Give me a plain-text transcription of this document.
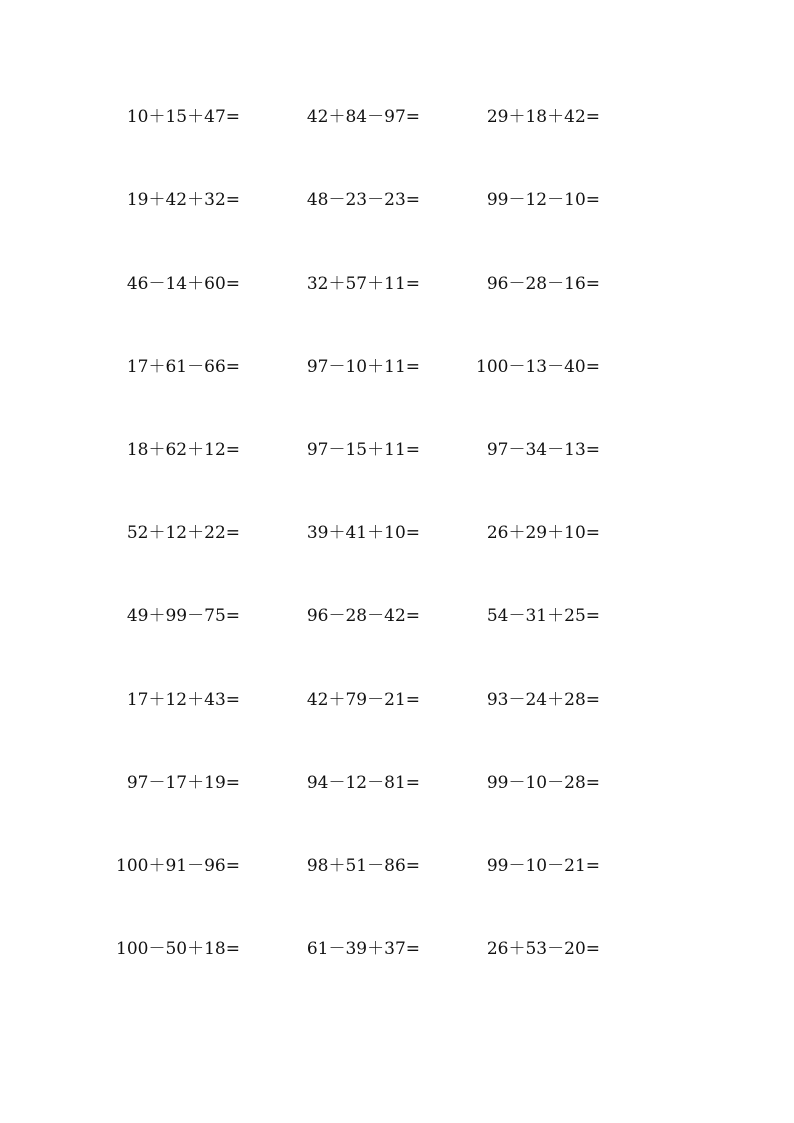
10＋15＋47=	42＋84－97=	29＋18＋42=
19＋42＋32=	48－23－23=	99－12－10=
46－14＋60=	32＋57＋11=	96－28－16=
17＋61－66=	97－10＋11=	100－13－40=
18＋62＋12=	97－15＋11=	97－34－13=
52＋12＋22=	39＋41＋10=	26＋29＋10=
49＋99－75=	96－28－42=	54－31＋25=
17＋12＋43=	42＋79－21=	93－24＋28=
97－17＋19=	94－12－81=	99－10－28=
100＋91－96=	98＋51－86=	99－10－21=
100－50＋18=	61－39＋37=	26＋53－20=
